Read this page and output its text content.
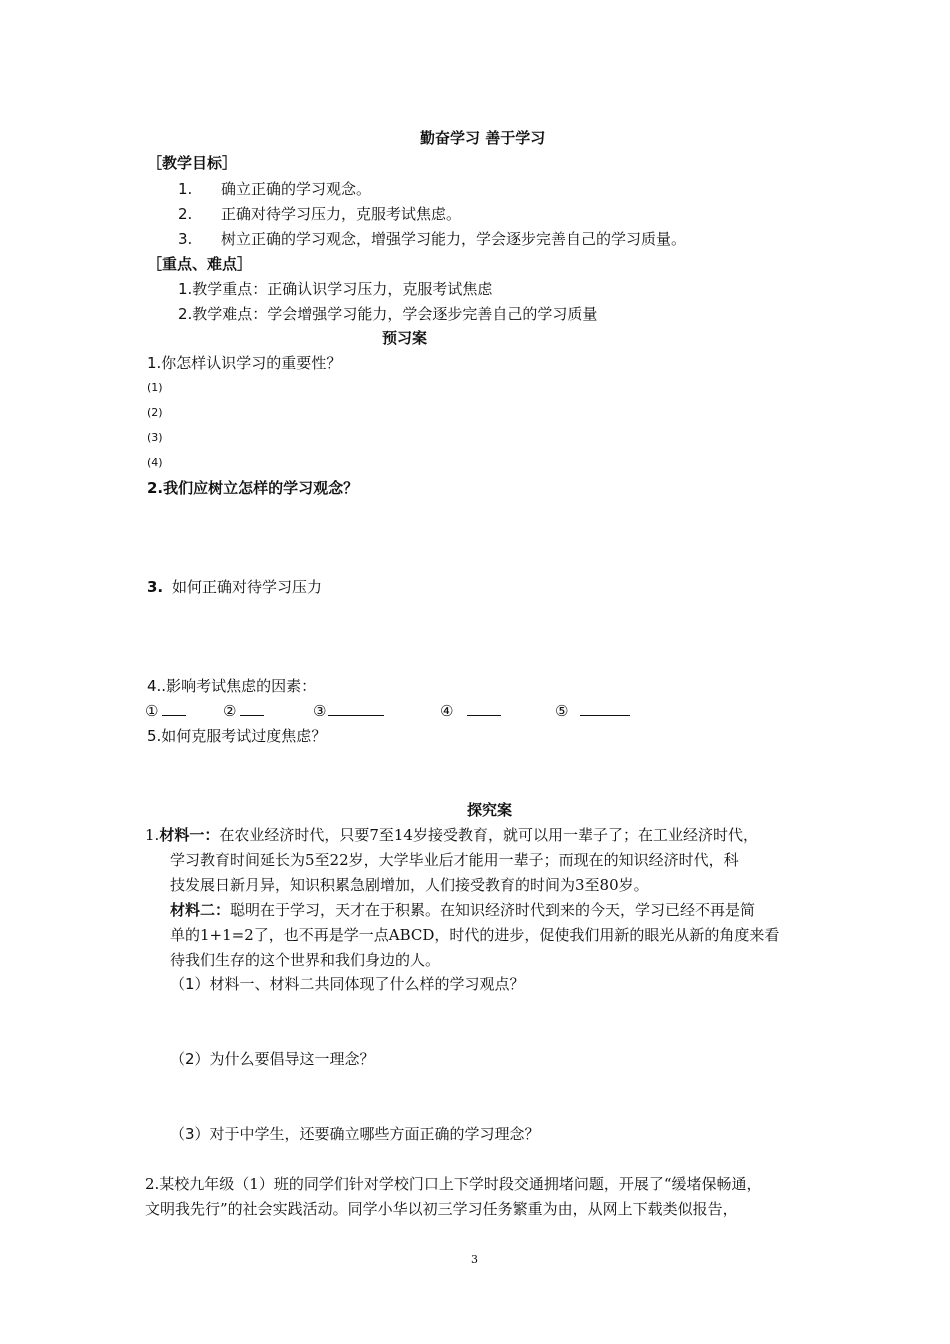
勤奋学习 善于学习
［教学目标］
1. 确立正确的学习观念。
2. 正确对待学习压力，克服考试焦虑。
3. 树立正确的学习观念，增强学习能力，学会逐步完善自己的学习质量。
［重点、难点］
1.教学重点：正确认识学习压力，克服考试焦虑
2.教学难点：学会增强学习能力，学会逐步完善自己的学习质量
预习案
1.你怎样认识学习的重要性？
(1)
(2)
(3)
(4)
2.我们应树立怎样的学习观念？
3. 如何正确对待学习压力
4..影响考试焦虑的因素：
①	②	③	④	⑤
5.如何克服考试过度焦虑？
探究案
1.材料一：在农业经济时代，只要7至14岁接受教育，就可以用一辈子了；在工业经济时代，
学习教育时间延长为5至22岁，大学毕业后才能用一辈子；而现在的知识经济时代，科
技发展日新月异，知识积累急剧增加，人们接受教育的时间为3至80岁。
材料二：聪明在于学习，天才在于积累。在知识经济时代到来的今天，学习已经不再是简
单的1+1=2了，也不再是学一点ABCD，时代的进步，促使我们用新的眼光从新的角度来看
待我们生存的这个世界和我们身边的人。
（1）材料一、材料二共同体现了什么样的学习观点？
（2）为什么要倡导这一理念？
（3）对于中学生，还要确立哪些方面正确的学习理念？
2.某校九年级（1）班的同学们针对学校门口上下学时段交通拥堵问题，开展了“缓堵保畅通，
文明我先行”的社会实践活动。同学小华以初三学习任务繁重为由，从网上下载类似报告，
3
